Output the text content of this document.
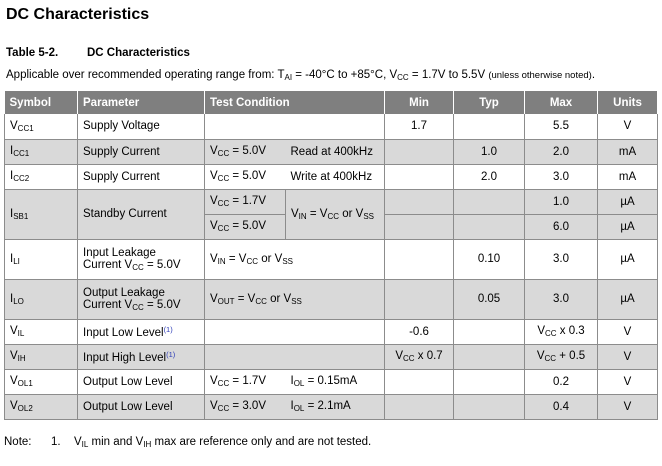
DC Characteristics
Table 5-2.	DC Characteristics
Applicable over recommended operating range from: $T_{AI} = -40^\circ C$ to +85°C, $V_{CC} = 1.7V$ to 5.5V (unless otherwise noted).
Symbol	Parameter	Test Condition		Min	Typ	Max	Units
$V_{CC1}$	Supply Voltage			1.7		5.5	V
$I_{CC1}$	Supply Current	$V_{CC} = 5.0V$	Read at 400kHz		1.0	2.0	mA
$I_{CC2}$	Supply Current	$V_{CC} = 5.0V$	Write at 400kHz		2.0	3.0	mA
$I_{SB1}$	Standby Current	$V_{CC} = 1.7V$	$V_{IN} = V_{CC}$ or $V_{SS}$			1.0	µA
		$V_{CC} = 5.0V$				6.0	µA
$I_{LI}$	Input Leakage
Current $V_{CC} = 5.0V$	$V_{IN} = V_{CC}$ or $V_{SS}$			0.10	3.0	µA
$I_{LO}$	Output Leakage
Current $V_{CC} = 5.0V$	$V_{OUT} = V_{CC}$ or $V_{SS}$			0.05	3.0	µA
$V_{IL}$	Input Low Level$^{(1)}$			-0.6		$V_{CC}$ x 0.3	V
$V_{IH}$	Input High Level$^{(1)}$			$V_{CC}$ x 0.7		$V_{CC} + 0.5$	V
$V_{OL1}$	Output Low Level	$V_{CC} = 1.7V$	$I_{OL} = 0.15mA$			0.2	V
$V_{OL2}$	Output Low Level	$V_{CC} = 3.0V$	$I_{OL} = 2.1mA$			0.4	V
Note: 1. $V_{IL}$ min and $V_{IH}$ max are reference only and are not tested.
